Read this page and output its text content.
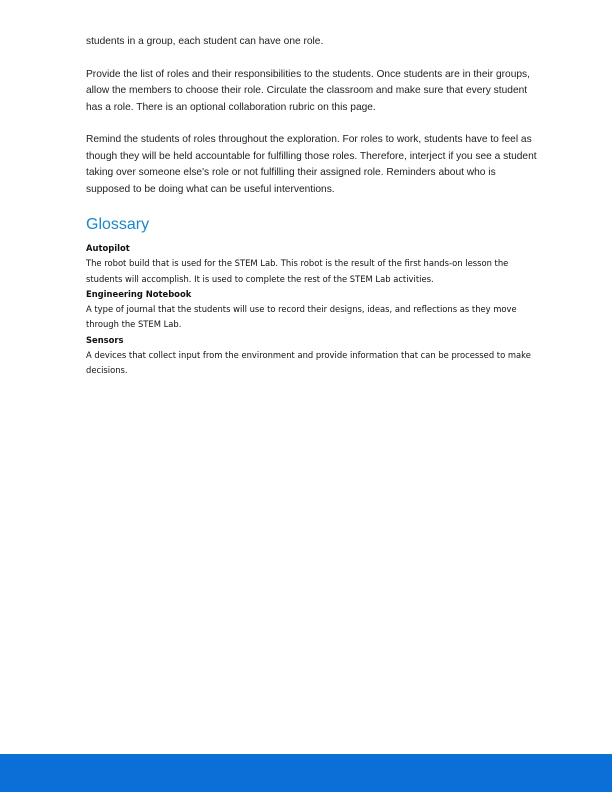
students in a group, each student can have one role.

Provide the list of roles and their responsibilities to the students. Once students are in their groups, allow the members to choose their role. Circulate the classroom and make sure that every student has a role. There is an optional collaboration rubric on this page.

Remind the students of roles throughout the exploration. For roles to work, students have to feel as though they will be held accountable for fulfilling those roles. Therefore, interject if you see a student taking over someone else's role or not fulfilling their assigned role. Reminders about who is supposed to be doing what can be useful interventions.

Glossary
Autopilot
The robot build that is used for the STEM Lab. This robot is the result of the first hands-on lesson the students will accomplish. It is used to complete the rest of the STEM Lab activities.
Engineering Notebook
A type of journal that the students will use to record their designs, ideas, and reflections as they move through the STEM Lab.
Sensors
A devices that collect input from the environment and provide information that can be processed to make decisions.
